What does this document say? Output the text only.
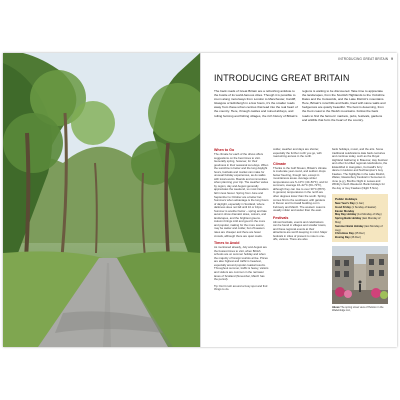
INTRODUCING GREAT BRITAIN 9
INTRODUCING GREAT BRITAIN

The back roads of Great Britain are a refreshing antidote to the bustle of its world-famous cities. Though it is possible to zoom along motorways from London to Manchester, Cardiff, Glasgow or Edinburgh in a few hours, it's the smaller roads away from these urban centres that lead into the real heart of the country. Here, through castles and ruined abbeys, and rolling farming and fishing villages, the rich history of Britain's

regions is waiting to be discovered. Take time to appreciate the landscapes, from the Scottish Highlands to the Yorkshire Dales and the Cotswolds, and the Lake District's mountains. Here, Britain's rural hills and fields, lined with stone walls and hedgerows are quietly beautiful. The best is deserving, from the Kent coast to the Welsh mountains. Follow the back roads to find the farmers' markets, pubs, festivals, gardens and wildlife that form the heart of the country.

When to Go

The climate for each of the drives offers suggestions on the best times to visit. Generally spring, however, for their goodness in their seasonal sun-days. When the sunshine is better and the long daylight hours, festivals and market can make for unusual holiday experiences, as do walks with local events. Boards and communities when planning your trip. The weather varies by region, day and August generally appreciates the weekend, so most travellers fall in less favour. Spring from June and September to October are a better bet. Summers when advantage is the long hours of daylight, especially in Scotland, where darkness does not fall until 10 or 10pm. Summer is another factor – spring and late autumn show dramatic skies, colours, and landscapes, and the brightest greens. Autumn brings mild and good in the more and popular, making for the more scenic, may be wetter and colder, but off-season rates are cheaper and there are fewer crowds, although there are quiet roads.

Times to Avoid

As mentioned already, July and August are the busiest times to visit, when British schools are on summer holiday and when the majority of foreign tourists arrive. Prices are also highest and traffic is heaviest, especially around popular coastal resorts. Throughout summer, traffic is heavy, visitors and visitors are common in the narrower lanes of Scotland (November, March has the period).

Tip: Don't rush around a busy spot and find things to do.

colder, weather and days are shorter, especially the further north you go, with road-wiring access in the north.

Climate

Thanks to the Gulf Stream, Britain's climate is moderate year-round, and seldom drops below freezing, though rain, except in mountainous areas. Average winter temperatures are 5–10°C (40–50°F), and for summers, average 16–22°C (60–72°F), although they can rise to over 30°C (86°F). In general, temperatures in the north are often degrees lower than the south. Spring comes first to the southwest, with gardens in Devon and Cornwall budding out in February and March. The western coast is usually milder and wetter than the east.

Festivals

Almost festivals, events and celebrations can be found in villages and smaller towns, and these regional events at their attractions are worth keeping in mind. Major festivals in cities of present to note is one-offs, various. There are also

bank holidays, music, and the arts. Some traditional celebrations date back centuries and continue today, such as the Royal Highland Gathering in Braemar, Hay Festival and other fun-filled regional celebrations, the Eisteddfod in Llangollen, Cornwall's furry dance in Helston and Northampton's Guy Fawkes. The highlights in the Lake District, Wales; Glastonbury Festival in Somerset in June (e.g.), Bonfire Night in Lewes and Whitby's Goth Weekend. Bank holidays for the day or Guy Fawkes (Night 5 Nov).

Public Holidays
New Year's Day (1 Jan)
Good Friday (1 Sunday of Easter)
Easter Monday
May Day Holiday (1st Monday of May)
Spring Bank Holiday (last Monday of May)
Summer Bank Holiday (last Monday of Aug)
Christmas Day (25 Dec)
Boxing Day (26 Dec)
Above The spring street view of Helston in the Wadebridge Ltd.,
